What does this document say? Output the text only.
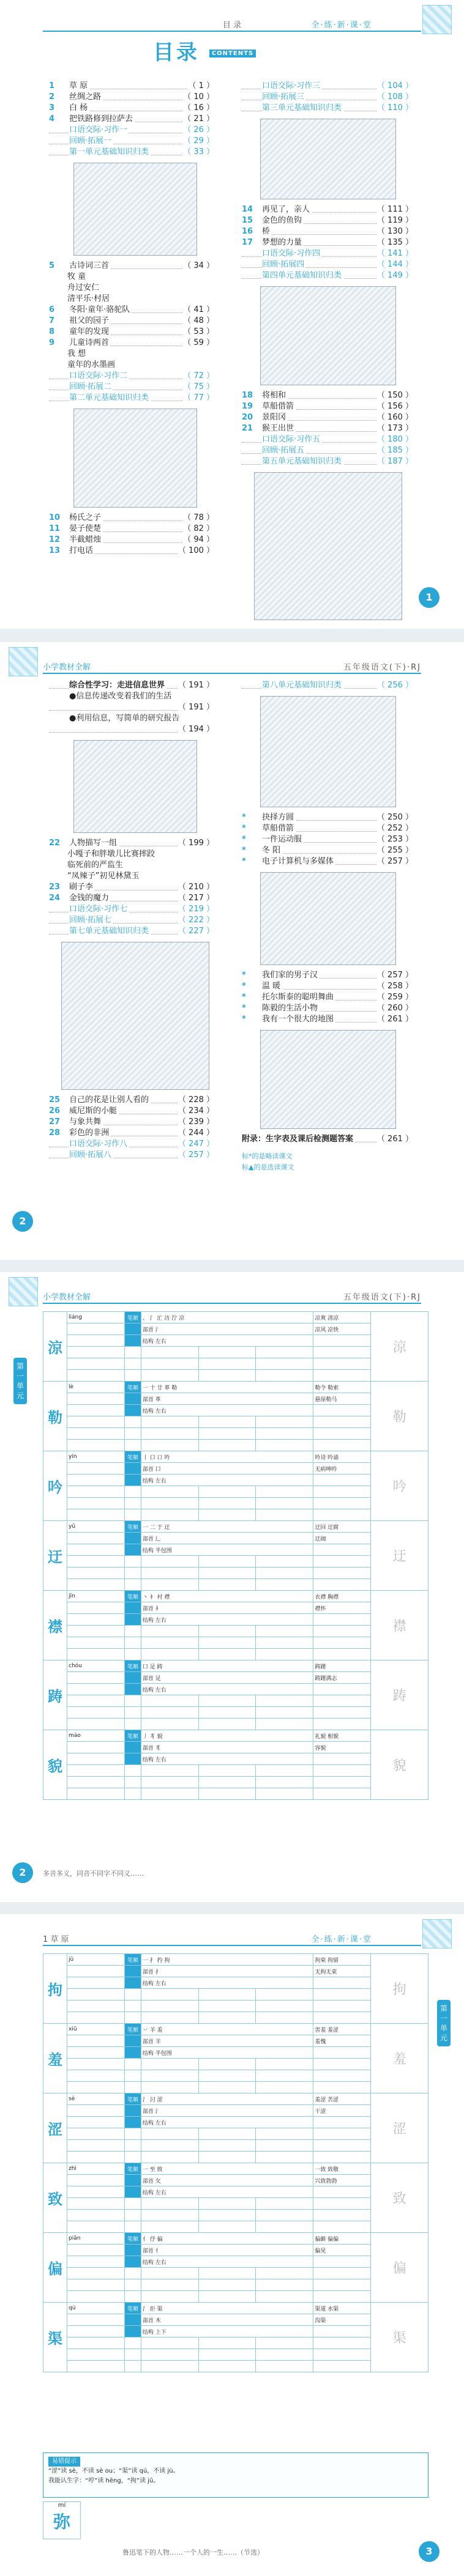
目 录	全·练·新·课·堂
目录 CONTENTS
1 草 原	（ 1 ）
2 丝绸之路	（ 10 ）
3 白 杨	（ 16 ）
4 把铁路修到拉萨去	（ 21 ）
口语交际·习作一	（ 26 ）
回顾·拓展一	（ 29 ）
第一单元基础知识归类	（ 33 ）
5 古诗词三首	（ 34 ）
牧 童
舟过安仁
清平乐·村居
6 冬阳·童年·骆驼队	（ 41 ）
7 祖父的园子	（ 48 ）
8 童年的发现	（ 53 ）
9 儿童诗两首	（ 59 ）
我 想
童年的水墨画
口语交际·习作二	（ 72 ）
回顾·拓展二	（ 75 ）
第二单元基础知识归类	（ 77 ）
10 杨氏之子	（ 78 ）
11 晏子使楚	（ 82 ）
12 半截蜡烛	（ 94 ）
13 打电话	（ 100 ）
口语交际·习作三	（ 104 ）
回顾·拓展三	（ 108 ）
第三单元基础知识归类	（ 110 ）
14 再见了，亲人	（ 111 ）
15 金色的鱼钩	（ 119 ）
16 桥	（ 130 ）
17 梦想的力量	（ 135 ）
口语交际·习作四	（ 141 ）
回顾·拓展四	（ 144 ）
第四单元基础知识归类	（ 149 ）
18 将相和	（ 150 ）
19 草船借箭	（ 156 ）
20 景阳冈	（ 160 ）
21 猴王出世	（ 173 ）
口语交际·习作五	（ 180 ）
回顾·拓展五	（ 185 ）
第五单元基础知识归类	（ 187 ）
1
小学教材全解	五年级语文(下)·RJ
综合性学习：走进信息世界 （ 191 ）
●信息传递改变着我们的生活
（ 191 ）
●利用信息，写简单的研究报告
（ 194 ）
22 人物描写一组	（ 199 ）
小嘎子和胖墩儿比赛摔跤
临死前的严监生
“凤辣子”初见林黛玉
23 刷子李	（ 210 ）
24 金钱的魔力	（ 217 ）
口语交际·习作七	（ 219 ）
回顾·拓展七	（ 222 ）
第七单元基础知识归类	（ 227 ）
25 自己的花是让别人看的	（ 228 ）
26 威尼斯的小艇	（ 234 ）
27 与象共舞	（ 239 ）
28 彩色的非洲	（ 244 ）
口语交际·习作八	（ 247 ）
回顾·拓展八	（ 257 ）
第八单元基础知识归类	（ 256 ）
* 抉择方圆	（ 250 ）
* 草船借箭	（ 252 ）
* 一件运动服	（ 253 ）
* 冬 阳	（ 255 ）
* 电子计算机与多媒体	（ 257 ）
* 我们家的男子汉	（ 257 ）
* 温 暖	（ 258 ）
* 托尔斯泰的聪明舞曲	（ 259 ）
* 陈毅的生活小物	（ 260 ）
* 我有一个很大的地图	（ 261 ）
附录：生字表及课后检测题答案	（ 261 ）
标*的是略读课文
标▲的是选读课文
2
小学教材全解	五年级语文(下)·RJ
第一单元
涼	liáng	笔顺	、 氵 汒 汸 泞 凉			凉爽 清凉	涼
			部首 氵			凉风 凉快	
			结构 左右				

勒	lè	笔顺	一 十 廿 革 勒			勒令 勒索	勒
			部首 革			悬崖勒马	
			结构 左右				

吟	yín	笔顺	丨 口 口 吟			吟诗 吟诵	吟
			部首 口			无病呻吟	
			结构 左右				

迂	yū	笔顺	一 二 于 迂			迂回 迂腐	迂
			部首 辶			迂阔	
			结构 半包围				

襟	jīn	笔顺	丶 衤 衬 襟			衣襟 胸襟	襟
			部首 衤			襟怀	
			结构 左右				

踌	chóu	笔顺	口 足 踌			踌躇	踌
			部首 足			踌躇满志	
			结构 左右				

貌	mào	笔顺	丿 豸 貌			礼貌 相貌	貌
			部首 豸			容貌	
			结构 左右				

多音多义，同音不同字不同义……
2
1 草 原	全·练·新·课·堂
第一单元
拘	jū	笔顺	一 扌 扚 拘			拘束 拘留	拘
			部首 扌			无拘无束	
			结构 左右				

羞	xiū	笔顺	丷 羊 羞			害羞 羞涩	羞
			部首 羊			羞愧	
			结构 半包围				

涩	sè	笔顺	氵 汈 涩			羞涩 苦涩	涩
			部首 氵			干涩	
			结构 左右				

致	zhì	笔顺	一 至 致			一致 致敬	致
			部首 攵			兴致勃勃	
			结构 左右				

偏	piān	笔顺	亻 伃 偏			偏僻 偏偏	偏
			部首 亻			偏见	
			结构 左右				

渠	qú	笔顺	氵 洰 渠			渠道 水渠	渠
			部首 木			沟渠	
			结构 上下				

易错提示
“涩”读 sè，不读 sè ou；“渠”读 qú，不读 jù。
我能认生字：“哼”读 hēng，“拘”读 jū。
mí
弥
鲁迅笔下的人物……一个人的一生……（节选）	3
